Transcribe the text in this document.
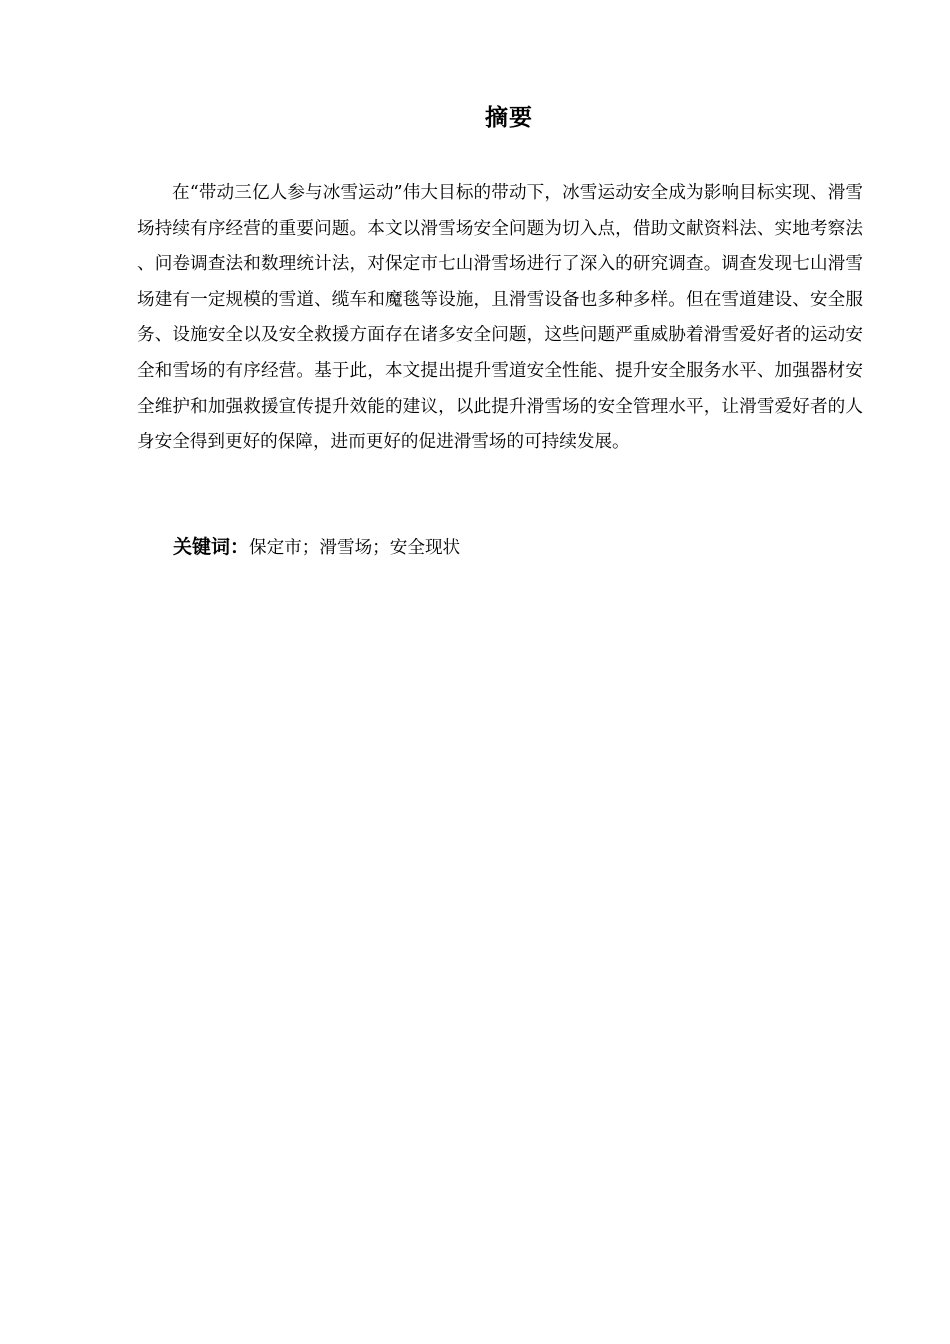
摘要

在“带动三亿人参与冰雪运动”伟大目标的带动下，冰雪运动安全成为影响目标实现、滑雪场持续有序经营的重要问题。本文以滑雪场安全问题为切入点，借助文献资料法、实地考察法、问卷调查法和数理统计法，对保定市七山滑雪场进行了深入的研究调查。调查发现七山滑雪场建有一定规模的雪道、缆车和魔毯等设施，且滑雪设备也多种多样。但在雪道建设、安全服务、设施安全以及安全救援方面存在诸多安全问题，这些问题严重威胁着滑雪爱好者的运动安全和雪场的有序经营。基于此，本文提出提升雪道安全性能、提升安全服务水平、加强器材安全维护和加强救援宣传提升效能的建议，以此提升滑雪场的安全管理水平，让滑雪爱好者的人身安全得到更好的保障，进而更好的促进滑雪场的可持续发展。

关键词：保定市；滑雪场；安全现状
